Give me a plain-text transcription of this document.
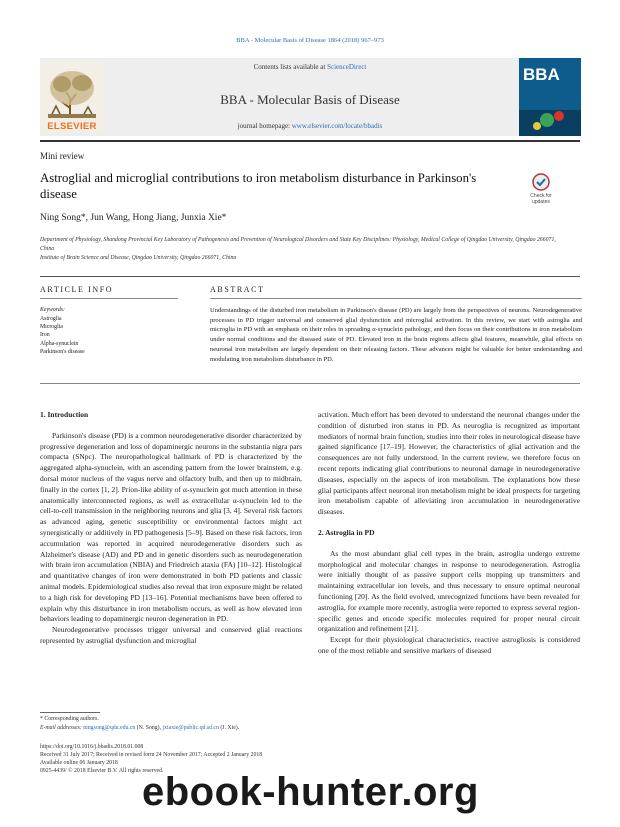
BBA - Molecular Basis of Disease 1864 (2018) 967–973
ELSEVIER
Contents lists available at ScienceDirect
BBA - Molecular Basis of Disease
journal homepage: www.elsevier.com/locate/bbadis
BBA
Mini review
Astroglial and microglial contributions to iron metabolism disturbance in Parkinson's disease	Check for
updates
Ning Song*, Jun Wang, Hong Jiang, Junxia Xie*
Department of Physiology, Shandong Provincial Key Laboratory of Pathogenesis and Prevention of Neurological Disorders and State Key Disciplines: Physiology, Medical College of Qingdao University, Qingdao 266071, China
Institute of Brain Science and Disease, Qingdao University, Qingdao 266071, China
ARTICLE INFO	ABSTRACT
Keywords:
Astroglia
Microglia
Iron
Alpha-synuclein
Parkinson's disease
Understandings of the disturbed iron metabolism in Parkinson's disease (PD) are largely from the perspectives of neurons. Neurodegenerative processes in PD trigger universal and conserved glial dysfunction and microglial activation. In this review, we start with astroglia and microglia in PD with an emphasis on their roles in spreading α-synuclein pathology, and then focus on their contributions in iron metabolism under normal conditions and the diseased state of PD. Elevated iron in the brain regions affects glial features, meanwhile, glial effects on neuronal iron metabolism are largely dependent on their releasing factors. These advances might be valuable for better understanding and modulating iron metabolism disturbance in PD.
1. Introduction

Parkinson's disease (PD) is a common neurodegenerative disorder characterized by progressive degeneration and loss of dopaminergic neurons in the substantia nigra pars compacta (SNpc). The neuropathological hallmark of PD is characterized by the aggregated alpha-synuclein, with an ascending pattern from the lower brainstem, e.g. dorsal motor nucleus of the vagus nerve and olfactory bulb, and then up to midbrain, finally in the cortex [1, 2]. Prion-like ability of α-synuclein got much attention in these anatomically interconnected regions, as well as extracellular α-synuclein led to the cell-to-cell transmission in the neighboring neurons and glia [3, 4]. Several risk factors as advanced aging, genetic susceptibility or environmental factors might act synergistically or additively in PD pathogenesis [5–9]. Based on these risk factors, iron accumulation was reported in acquired neurodegenerative disorders such as Alzheimer's disease (AD) and PD and in genetic disorders such as neurodegeneration with brain iron accumulation (NBIA) and Friedreich ataxia (FA) [10–12]. Histological and quantitative changes of iron were demonstrated in both PD patients and classic animal models. Epidemiological studies also reveal that iron exposure might be related to a high risk for developing PD [13–16]. Potential mechanisms have been offered to explain why this disturbance in iron metabolism occurs, as well as how elevated iron behaviors leading to dopaminergic neuron degeneration in PD.

Neurodegenerative processes trigger universal and conserved glial reactions represented by astroglial dysfunction and microglial

activation. Much effort has been devoted to understand the neuronal changes under the condition of disturbed iron status in PD. As neuroglia is recognized as important mediators of normal brain function, studies into their roles in neurological disease have gained significance [17–19]. However, the characteristics of glial activation and the consequences are not fully understood. In the current review, we therefore focus on recent reports indicating glial contributions to neuronal damage in neurodegenerative diseases, especially on the aspects of iron metabolism. The explanations how these glial participants affect neuronal iron metabolism might be ideal prospects for targeting iron metabolism capable of alleviating iron accumulation in neurodegenerative diseases.

2. Astroglia in PD

As the most abundant glial cell types in the brain, astroglia undergo extreme morphological and molecular changes in response to neurodegeneration. Astroglia were initially thought of as passive support cells mopping up transmitters and maintaining extracellular ion levels, and thus necessary to ensure optimal neuronal functioning [20]. As the field evolved, unrecognized functions have been revealed for astroglia, for example more recently, astroglia were reported to express several region-specific genes and encode specific molecules required for proper neural circuit organization and refinement [21].

Except for their physiological characteristics, reactive astrogliosis is considered one of the most reliable and sensitive markers of diseased

* Corresponding authors.
E-mail addresses: ningsong@qdu.edu.cn (N. Song), jxiaxie@public.qd.sd.cn (J. Xie).
https://doi.org/10.1016/j.bbadis.2018.01.008
Received 31 July 2017; Received in revised form 24 November 2017; Accepted 2 January 2018
Available online 06 January 2018
0925-4439/ © 2018 Elsevier B.V. All rights reserved.
ebook-hunter.org
